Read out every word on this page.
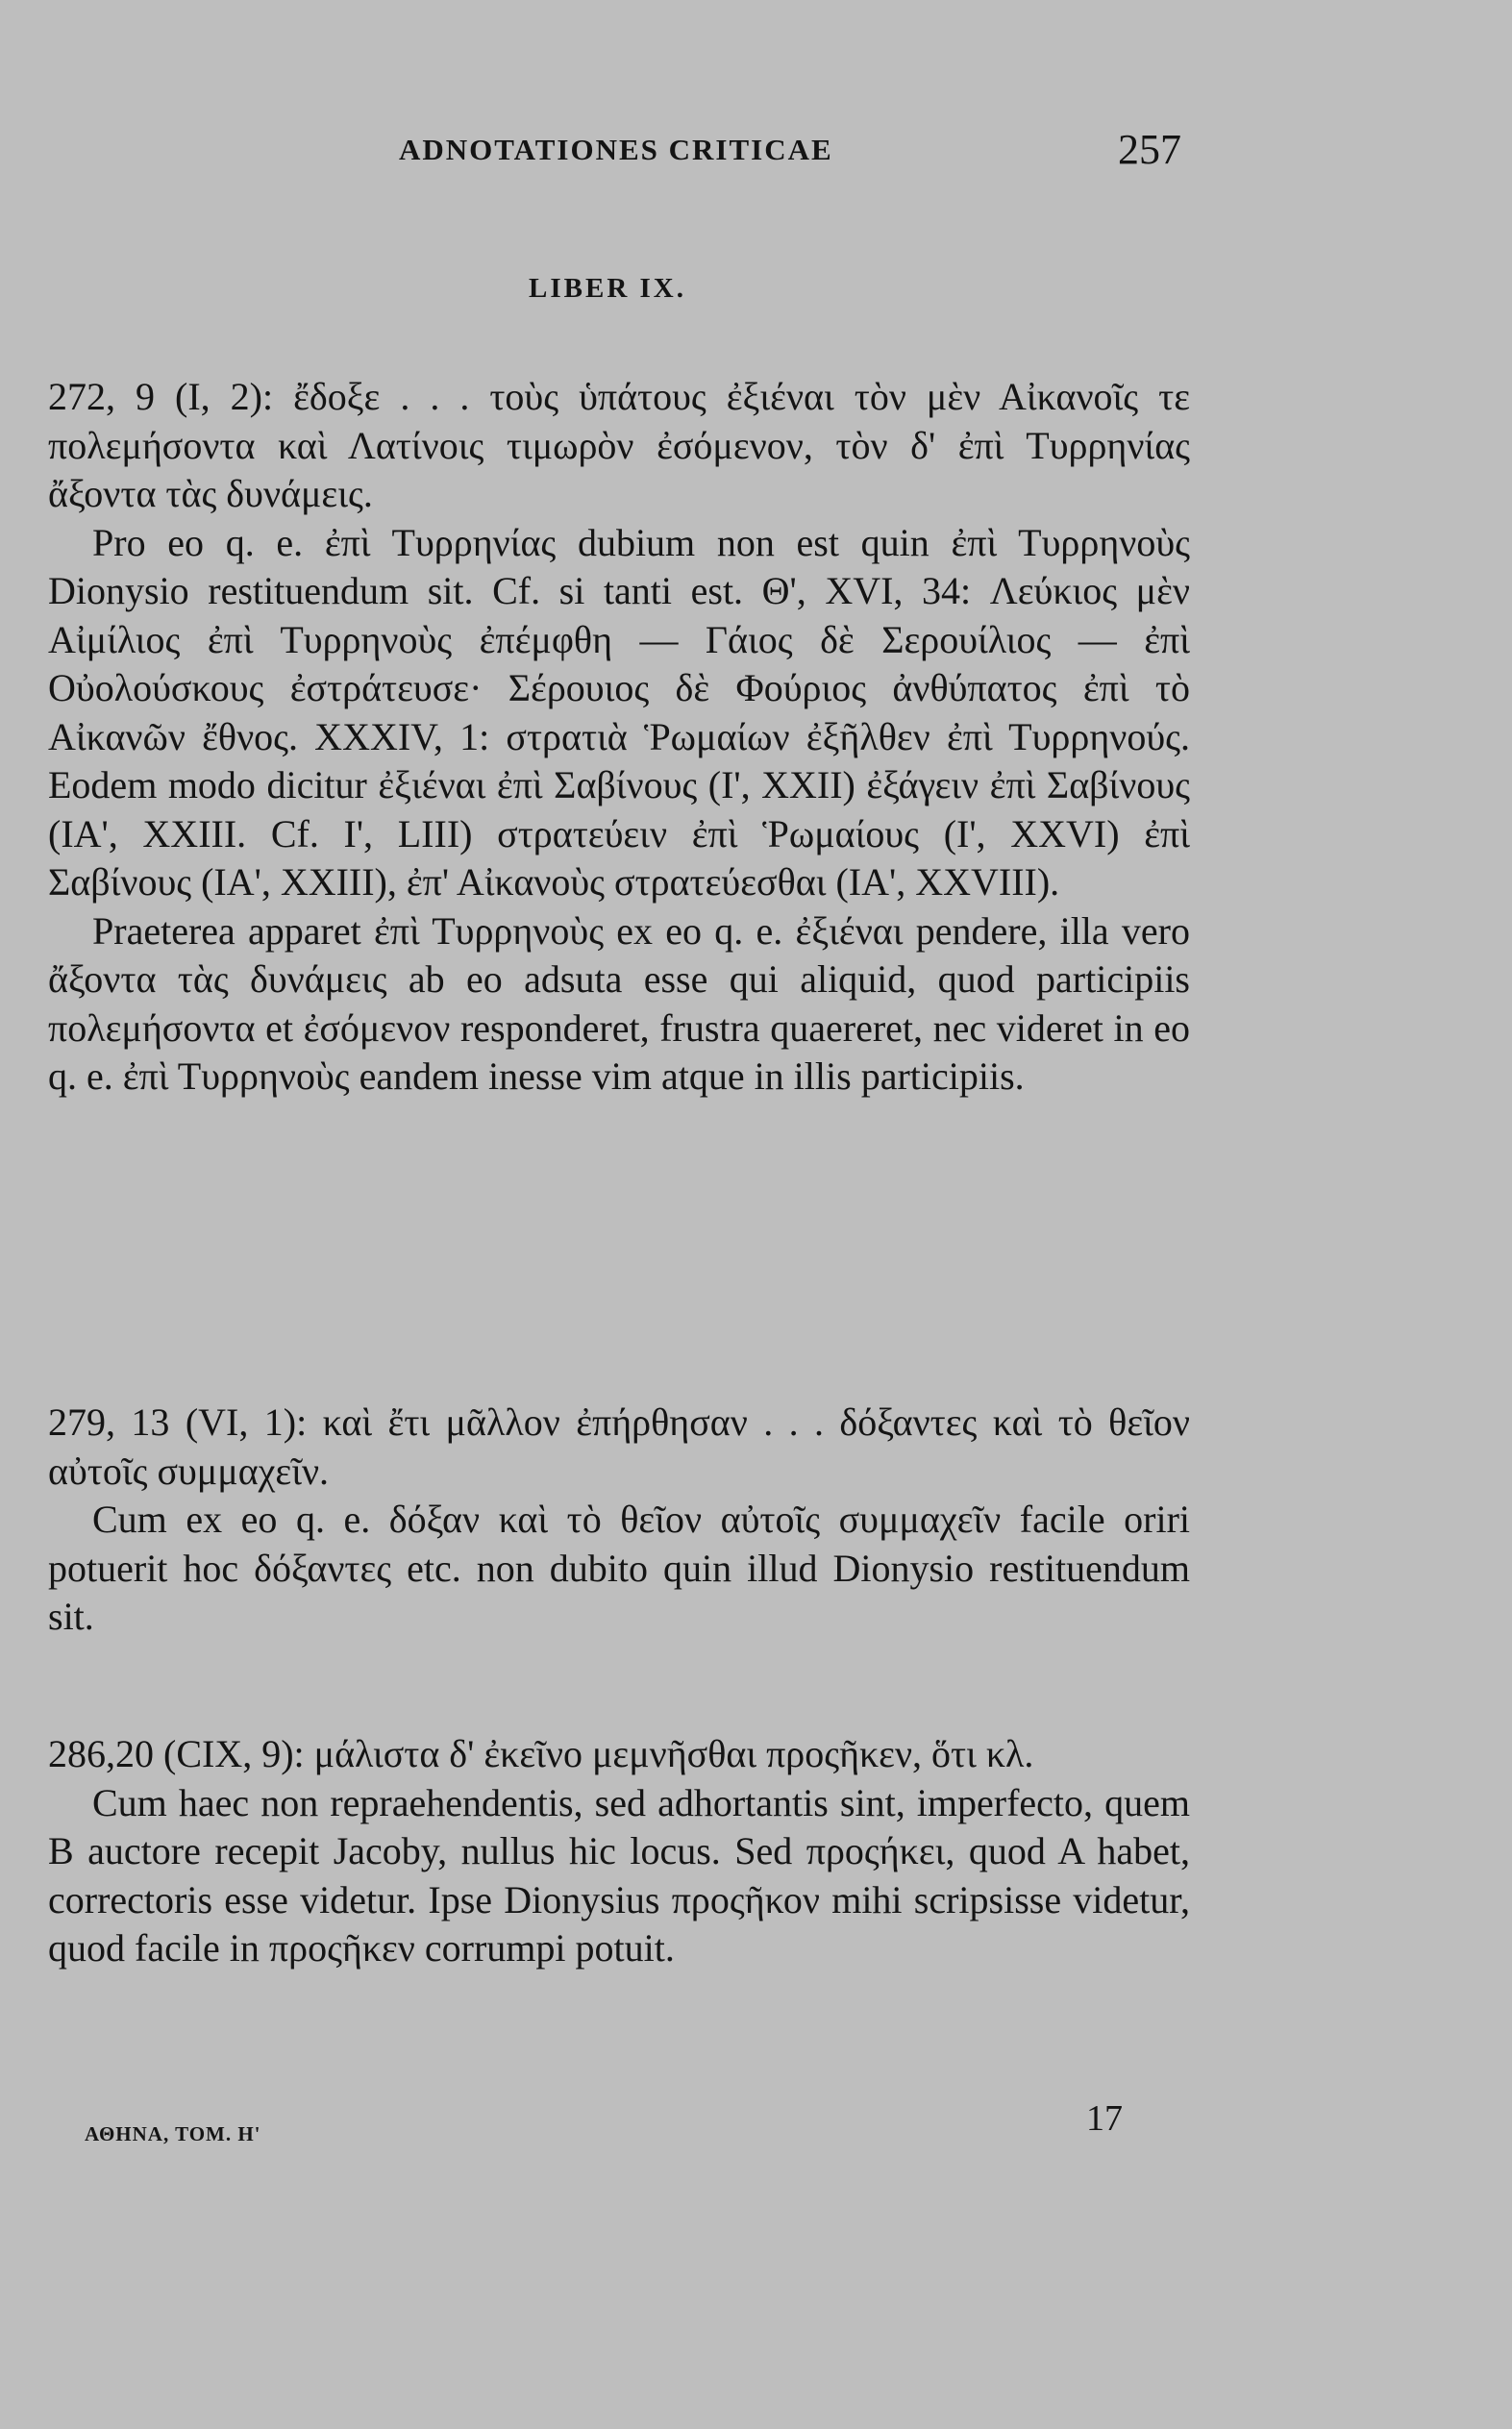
ADNOTATIONES CRITICAE	257
LIBER IX.

272, 9 (I, 2): ἔδοξε . . . τοὺς ὑπάτους ἐξιέναι τὸν μὲν Αἰκανοῖς τε πολεμήσοντα καὶ Λατίνοις τιμωρὸν ἐσόμενον, τὸν δ' ἐπὶ Τυρρηνίας ἄξοντα τὰς δυνάμεις.

Pro eo q. e. ἐπὶ Τυρρηνίας dubium non est quin ἐπὶ Τυρρηνοὺς Dionysio restituendum sit. Cf. si tanti est. Θ', XVI, 34: Λεύκιος μὲν Αἰμίλιος ἐπὶ Τυρρηνοὺς ἐπέμφθη — Γάιος δὲ Σερουίλιος — ἐπὶ Οὐολούσκους ἐστράτευσε· Σέρουιος δὲ Φούριος ἀνθύπατος ἐπὶ τὸ Αἰκανῶν ἔθνος. XXXIV, 1: στρατιὰ Ῥωμαίων ἐξῆλθεν ἐπὶ Τυρρηνούς. Eodem modo dicitur ἐξιέναι ἐπὶ Σαβίνους (I', XXII) ἐξάγειν ἐπὶ Σαβίνους (IA', XXIII. Cf. I', LIII) στρατεύειν ἐπὶ Ῥωμαίους (I', XXVI) ἐπὶ Σαβίνους (IA', XXIII), ἐπ' Αἰκανοὺς στρατεύεσθαι (IA', XXVIII).

Praeterea apparet ἐπὶ Τυρρηνοὺς ex eo q. e. ἐξιέναι pendere, illa vero ἄξοντα τὰς δυνάμεις ab eo adsuta esse qui aliquid, quod participiis πολεμήσοντα et ἐσόμενον responderet, frustra quaereret, nec videret in eo q. e. ἐπὶ Τυρρηνοὺς eandem inesse vim atque in illis participiis.

279, 13 (VI, 1): καὶ ἔτι μᾶλλον ἐπήρθησαν . . . δόξαντες καὶ τὸ θεῖον αὐτοῖς συμμαχεῖν.

Cum ex eo q. e. δόξαν καὶ τὸ θεῖον αὐτοῖς συμμαχεῖν facile oriri potuerit hoc δόξαντες etc. non dubito quin illud Dionysio restituendum sit.

286,20 (CIX, 9): μάλιστα δ' ἐκεῖνο μεμνῆσθαι προςῆκεν, ὅτι κλ.

Cum haec non repraehendentis, sed adhortantis sint, imperfecto, quem B auctore recepit Jacoby, nullus hic locus. Sed προςήκει, quod A habet, correctoris esse videtur. Ipse Dionysius προςῆκον mihi scripsisse videtur, quod facile in προςῆκεν corrumpi potuit.

ΑΘΗΝΑ, ΤΟΜ. Η'	17
